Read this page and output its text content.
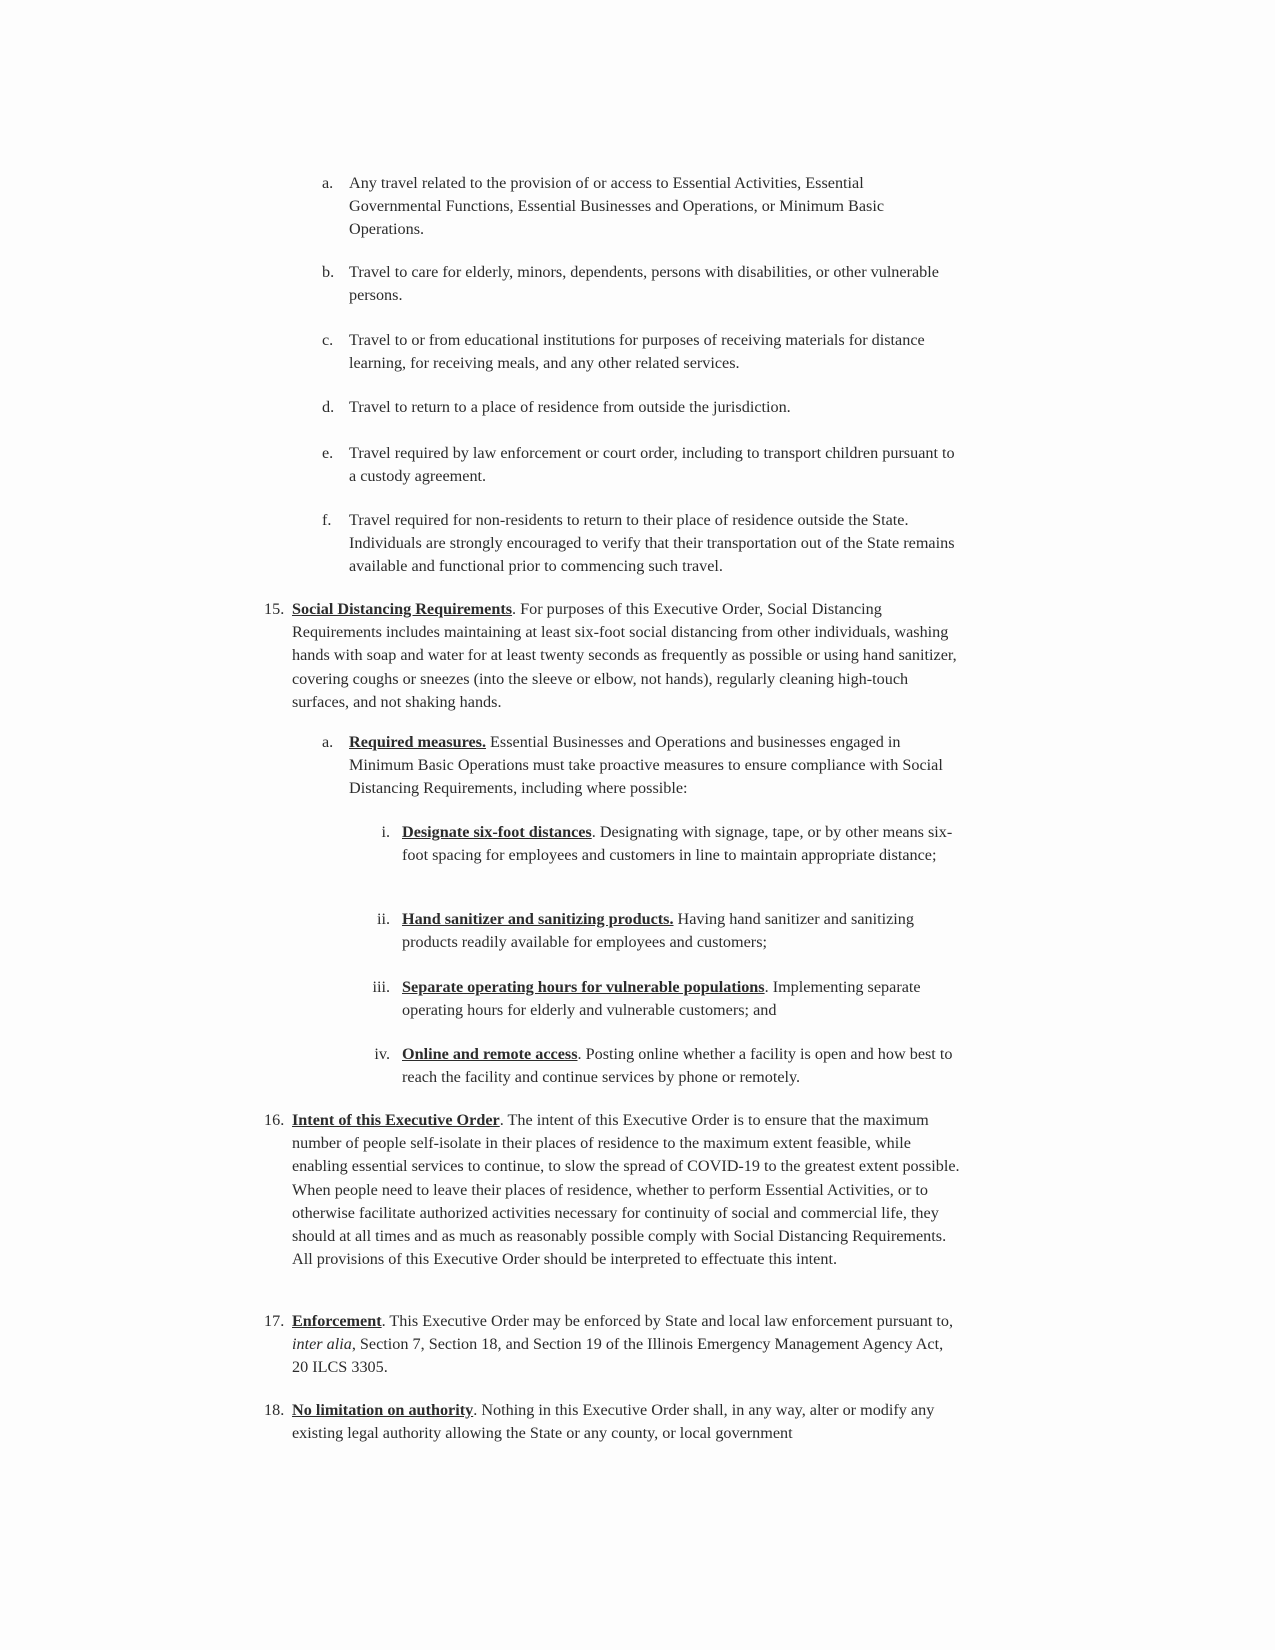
a. Any travel related to the provision of or access to Essential Activities, Essential Governmental Functions, Essential Businesses and Operations, or Minimum Basic Operations.
b. Travel to care for elderly, minors, dependents, persons with disabilities, or other vulnerable persons.
c. Travel to or from educational institutions for purposes of receiving materials for distance learning, for receiving meals, and any other related services.
d. Travel to return to a place of residence from outside the jurisdiction.
e. Travel required by law enforcement or court order, including to transport children pursuant to a custody agreement.
f. Travel required for non-residents to return to their place of residence outside the State. Individuals are strongly encouraged to verify that their transportation out of the State remains available and functional prior to commencing such travel.
15. Social Distancing Requirements. For purposes of this Executive Order, Social Distancing Requirements includes maintaining at least six-foot social distancing from other individuals, washing hands with soap and water for at least twenty seconds as frequently as possible or using hand sanitizer, covering coughs or sneezes (into the sleeve or elbow, not hands), regularly cleaning high-touch surfaces, and not shaking hands.
a. Required measures. Essential Businesses and Operations and businesses engaged in Minimum Basic Operations must take proactive measures to ensure compliance with Social Distancing Requirements, including where possible:
i. Designate six-foot distances. Designating with signage, tape, or by other means six-foot spacing for employees and customers in line to maintain appropriate distance;
ii. Hand sanitizer and sanitizing products. Having hand sanitizer and sanitizing products readily available for employees and customers;
iii. Separate operating hours for vulnerable populations. Implementing separate operating hours for elderly and vulnerable customers; and
iv. Online and remote access. Posting online whether a facility is open and how best to reach the facility and continue services by phone or remotely.
16. Intent of this Executive Order. The intent of this Executive Order is to ensure that the maximum number of people self-isolate in their places of residence to the maximum extent feasible, while enabling essential services to continue, to slow the spread of COVID-19 to the greatest extent possible. When people need to leave their places of residence, whether to perform Essential Activities, or to otherwise facilitate authorized activities necessary for continuity of social and commercial life, they should at all times and as much as reasonably possible comply with Social Distancing Requirements. All provisions of this Executive Order should be interpreted to effectuate this intent.
17. Enforcement. This Executive Order may be enforced by State and local law enforcement pursuant to, inter alia, Section 7, Section 18, and Section 19 of the Illinois Emergency Management Agency Act, 20 ILCS 3305.
18. No limitation on authority. Nothing in this Executive Order shall, in any way, alter or modify any existing legal authority allowing the State or any county, or local government
